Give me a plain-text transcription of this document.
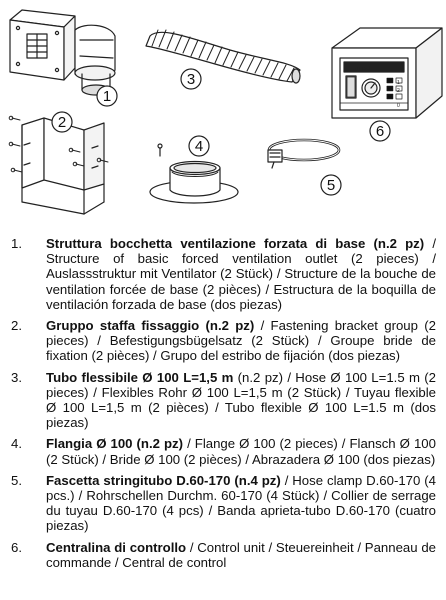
Unical
0
1
2
1
2
3
4
5
6
1.	Struttura bocchetta ventilazione forzata di base (n.2 pz) / Structure of basic forced ventilation outlet (2 pieces) / Auslassstruktur mit Ventilator (2 Stück) / Structure de la bouche de ventilation forcée de base (2 pièces) / Estructura de la boquilla de ventilación forzada de base (dos piezas)
2.	Gruppo staffa fissaggio (n.2 pz) / Fastening bracket group (2 pieces) / Befestigungsbügelsatz (2 Stück) / Groupe bride de fixation (2 pièces) / Grupo del estribo de fijación (dos piezas)
3.	Tubo flessibile Ø 100 L=1,5 m (n.2 pz) / Hose Ø 100 L=1.5 m (2 pieces) / Flexibles Rohr Ø 100 L=1,5 m (2 Stück) / Tuyau flexible Ø 100 L=1,5 m (2 pièces) / Tubo flexible Ø 100 L=1.5 m (dos piezas)
4.	Flangia Ø 100 (n.2 pz) / Flange Ø 100 (2 pieces) / Flansch Ø 100 (2 Stück) / Bride Ø 100 (2 pièces) / Abrazadera Ø 100 (dos piezas)
5.	Fascetta stringitubo D.60-170 (n.4 pz) / Hose clamp D.60-170 (4 pcs.) / Rohrschellen Durchm. 60-170 (4 Stück) / Collier de serrage du tuyau D.60-170 (4 pcs) / Banda aprieta-tubo D.60-170 (cuatro piezas)
6.	Centralina di controllo / Control unit / Steuereinheit / Panneau de commande / Central de control
